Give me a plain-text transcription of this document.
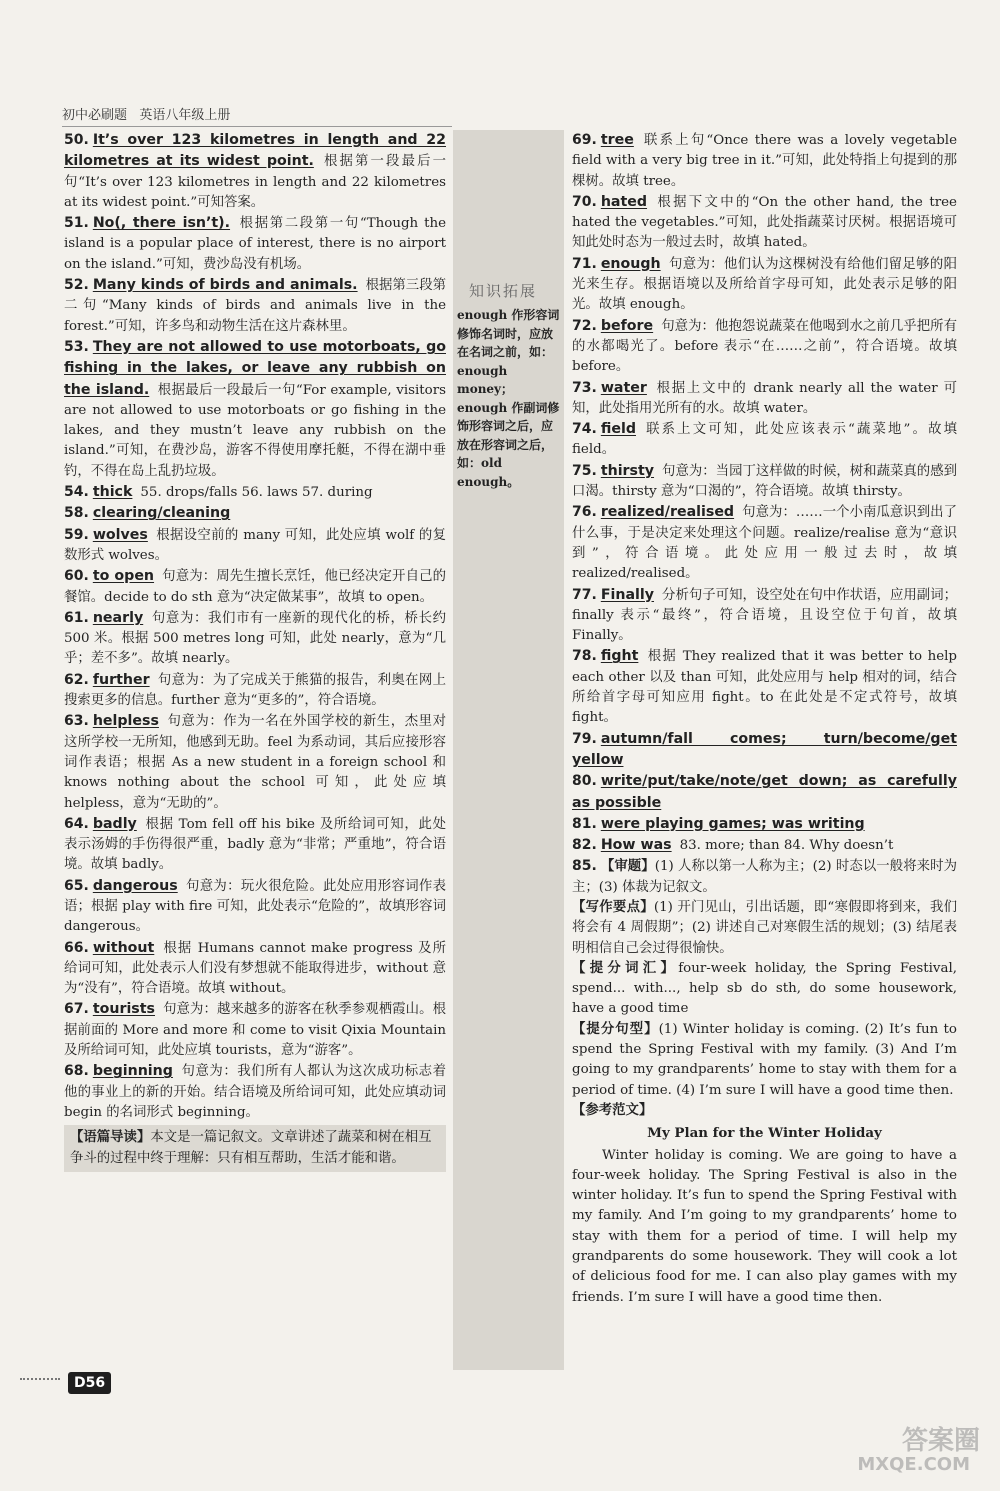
初中必刷题 英语八年级上册

50. It’s over 123 kilometres in length and 22 kilometres at its widest point. 根据第一段最后一句“It’s over 123 kilometres in length and 22 kilometres at its widest point.”可知答案。

51. No(, there isn’t). 根据第二段第一句“Though the island is a popular place of interest, there is no airport on the island.”可知，费沙岛没有机场。

52. Many kinds of birds and animals. 根据第三段第二句“Many kinds of birds and animals live in the forest.”可知，许多鸟和动物生活在这片森林里。

53. They are not allowed to use motorboats, go fishing in the lakes, or leave any rubbish on the island. 根据最后一段最后一句“For example, visitors are not allowed to use motorboats or go fishing in the lakes, and they mustn’t leave any rubbish on the island.”可知，在费沙岛，游客不得使用摩托艇，不得在湖中垂钓，不得在岛上乱扔垃圾。

54. thick 55. drops/falls 56. laws 57. during

58. clearing/cleaning

59. wolves 根据设空前的 many 可知，此处应填 wolf 的复数形式 wolves。

60. to open 句意为：周先生擅长烹饪，他已经决定开自己的餐馆。decide to do sth 意为“决定做某事”，故填 to open。

61. nearly 句意为：我们市有一座新的现代化的桥，桥长约 500 米。根据 500 metres long 可知，此处 nearly，意为“几乎；差不多”。故填 nearly。

62. further 句意为：为了完成关于熊猫的报告，利奥在网上搜索更多的信息。further 意为“更多的”，符合语境。

63. helpless 句意为：作为一名在外国学校的新生，杰里对这所学校一无所知，他感到无助。feel 为系动词，其后应接形容词作表语；根据 As a new student in a foreign school 和 knows nothing about the school 可知，此处应填 helpless，意为“无助的”。

64. badly 根据 Tom fell off his bike 及所给词可知，此处表示汤姆的手伤得很严重，badly 意为“非常；严重地”，符合语境。故填 badly。

65. dangerous 句意为：玩火很危险。此处应用形容词作表语；根据 play with fire 可知，此处表示“危险的”，故填形容词 dangerous。

66. without 根据 Humans cannot make progress 及所给词可知，此处表示人们没有梦想就不能取得进步，without 意为“没有”，符合语境。故填 without。

67. tourists 句意为：越来越多的游客在秋季参观栖霞山。根据前面的 More and more 和 come to visit Qixia Mountain 及所给词可知，此处应填 tourists，意为“游客”。

68. beginning 句意为：我们所有人都认为这次成功标志着他的事业上的新的开始。结合语境及所给词可知，此处应填动词 begin 的名词形式 beginning。

【语篇导读】本文是一篇记叙文。文章讲述了蔬菜和树在相互争斗的过程中终于理解：只有相互帮助，生活才能和谐。
知识拓展
enough 作形容词修饰名词时，应放在名词之前，如：enough money；enough 作副词修饰形容词之后，应放在形容词之后，如：old enough。

69. tree 联系上句“Once there was a lovely vegetable field with a very big tree in it.”可知，此处特指上句提到的那棵树。故填 tree。

70. hated 根据下文中的“On the other hand, the tree hated the vegetables.”可知，此处指蔬菜讨厌树。根据语境可知此处时态为一般过去时，故填 hated。

71. enough 句意为：他们认为这棵树没有给他们留足够的阳光来生存。根据语境以及所给首字母可知，此处表示足够的阳光。故填 enough。

72. before 句意为：他抱怨说蔬菜在他喝到水之前几乎把所有的水都喝光了。before 表示“在……之前”，符合语境。故填 before。

73. water 根据上文中的 drank nearly all the water 可知，此处指用光所有的水。故填 water。

74. field 联系上文可知，此处应该表示“蔬菜地”。故填 field。

75. thirsty 句意为：当园丁这样做的时候，树和蔬菜真的感到口渴。thirsty 意为“口渴的”，符合语境。故填 thirsty。

76. realized/realised 句意为：……一个小南瓜意识到出了什么事，于是决定来处理这个问题。realize/realise 意为“意识到”，符合语境。此处应用一般过去时，故填 realized/realised。

77. Finally 分析句子可知，设空处在句中作状语，应用副词；finally 表示“最终”，符合语境，且设空位于句首，故填 Finally。

78. fight 根据 They realized that it was better to help each other 以及 than 可知，此处应用与 help 相对的词，结合所给首字母可知应用 fight。to 在此处是不定式符号，故填 fight。

79. autumn/fall comes; turn/become/get yellow

80. write/put/take/note/get down; as carefully as possible

81. were playing games; was writing

82. How was 83. more; than 84. Why doesn’t

85. 【审题】(1) 人称以第一人称为主；(2) 时态以一般将来时为主；(3) 体裁为记叙文。

【写作要点】(1) 开门见山，引出话题，即“寒假即将到来，我们将会有 4 周假期”；(2) 讲述自己对寒假生活的规划；(3) 结尾表明相信自己会过得很愉快。

【提分词汇】four-week holiday, the Spring Festival, spend... with..., help sb do sth, do some housework, have a good time

【提分句型】(1) Winter holiday is coming. (2) It’s fun to spend the Spring Festival with my family. (3) And I’m going to my grandparents’ home to stay with them for a period of time. (4) I’m sure I will have a good time then.

【参考范文】

My Plan for the Winter Holiday

Winter holiday is coming. We are going to have a four-week holiday. The Spring Festival is also in the winter holiday. It’s fun to spend the Spring Festival with my family. And I’m going to my grandparents’ home to stay with them for a period of time. I will help my grandparents do some housework. They will cook a lot of delicious food for me. I can also play games with my friends. I’m sure I will have a good time then.

D56
答案圈
MXQE.COM
